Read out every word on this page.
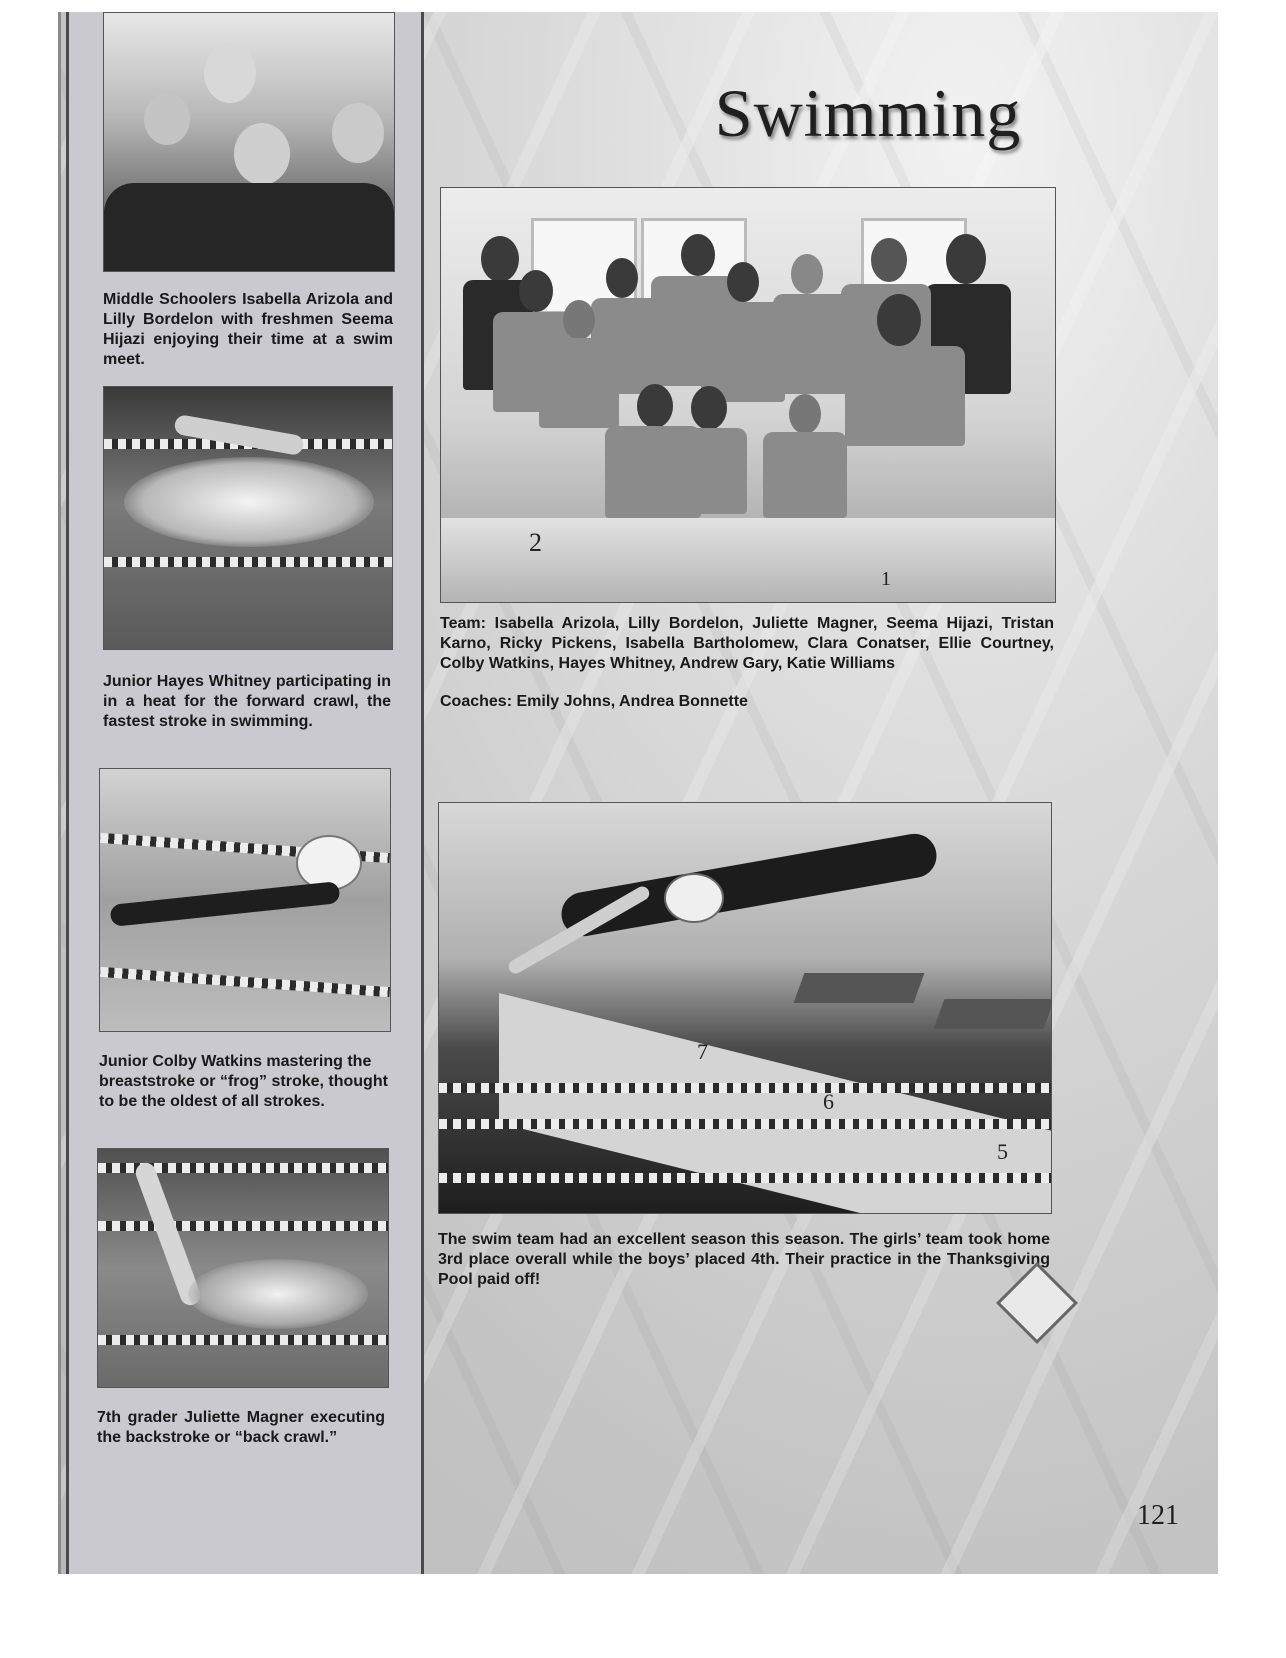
Middle Schoolers Isabella Arizola and Lilly Bordelon with freshmen Seema Hijazi enjoying their time at a swim meet.
Junior Hayes Whitney participating in in a heat for the forward crawl, the fastest stroke in swimming.
Junior Colby Watkins mastering the breaststroke or “frog” stroke, thought to be the oldest of all strokes.
7th grader Juliette Magner executing the backstroke or “back crawl.”
Swimming
2
1
Team: Isabella Arizola, Lilly Bordelon, Juliette Magner, Seema Hijazi, Tristan Karno, Ricky Pickens, Isabella Bartholomew, Clara Conatser, Ellie Courtney, Colby Watkins, Hayes Whitney, Andrew Gary, Katie Williams
Coaches: Emily Johns, Andrea Bonnette
7
6
5
The swim team had an excellent season this season. The girls’ team took home 3rd place overall while the boys’ placed 4th. Their practice in the Thanksgiving Pool paid off!
121
